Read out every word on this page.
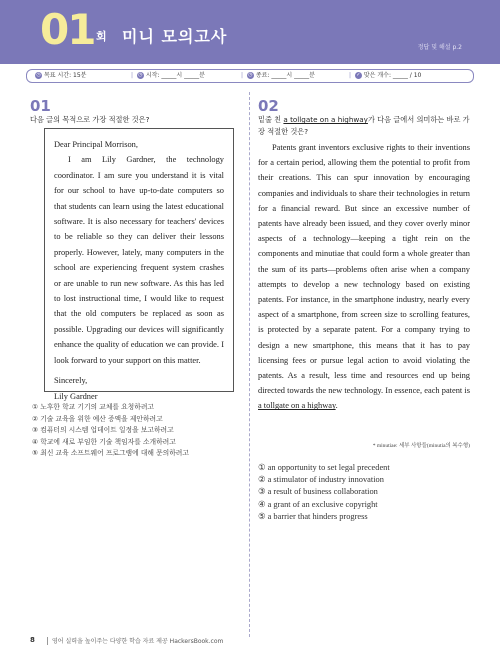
01 회 미니 모의고사
정답 및 해설 p.2
◷ 목표 시간: 15분	| ◷ 시작: _____시 _____분	| ◷ 종료: _____시 _____분	| ✓ 맞은 개수: _____ / 10
01
다음 글의 목적으로 가장 적절한 것은?

Dear Principal Morrison,

I am Lily Gardner, the technology coordinator. I am sure you understand it is vital for our school to have up-to-date computers so that students can learn using the latest educational software. It is also necessary for teachers' devices to be reliable so they can deliver their lessons properly. However, lately, many computers in the school are experiencing frequent system crashes or are unable to run new software. As this has led to lost instructional time, I would like to request that the old computers be replaced as soon as possible. Upgrading our devices will significantly enhance the quality of education we can provide. I look forward to your support on this matter.

Sincerely,

Lily Gardner

① 노후한 학교 기기의 교체를 요청하려고
② 기술 교육을 위한 예산 증액을 제안하려고
③ 컴퓨터의 시스템 업데이트 일정을 보고하려고
④ 학교에 새로 부임한 기술 책임자를 소개하려고
⑤ 최신 교육 소프트웨어 프로그램에 대해 문의하려고
02
밑줄 친 a tollgate on a highway가 다음 글에서 의미하는 바로 가장 적절한 것은?

Patents grant inventors exclusive rights to their inventions for a certain period, allowing them the potential to profit from their creations. This can spur innovation by encouraging companies and individuals to share their technologies in return for a financial reward. But since an excessive number of patents have already been issued, and they cover overly minor aspects of a technology—keeping a tight rein on the components and minutiae that could form a whole greater than the sum of its parts—problems often arise when a company attempts to develop a new technology based on existing patents. For instance, in the smartphone industry, nearly every aspect of a smartphone, from screen size to scrolling features, is protected by a separate patent. For a company trying to design a new smartphone, this means that it has to pay licensing fees or pursue legal action to avoid violating the patents. As a result, less time and resources end up being directed towards the new technology. In essence, each patent is a tollgate on a highway.

* minutiae: 세부 사항들(minutia의 복수형)
① an opportunity to set legal precedent
② a stimulator of industry innovation
③ a result of business collaboration
④ a grant of an exclusive copyright
⑤ a barrier that hinders progress
8	영어 실력을 높이주는 다양한 학습 자료 제공 HackersBook.com
